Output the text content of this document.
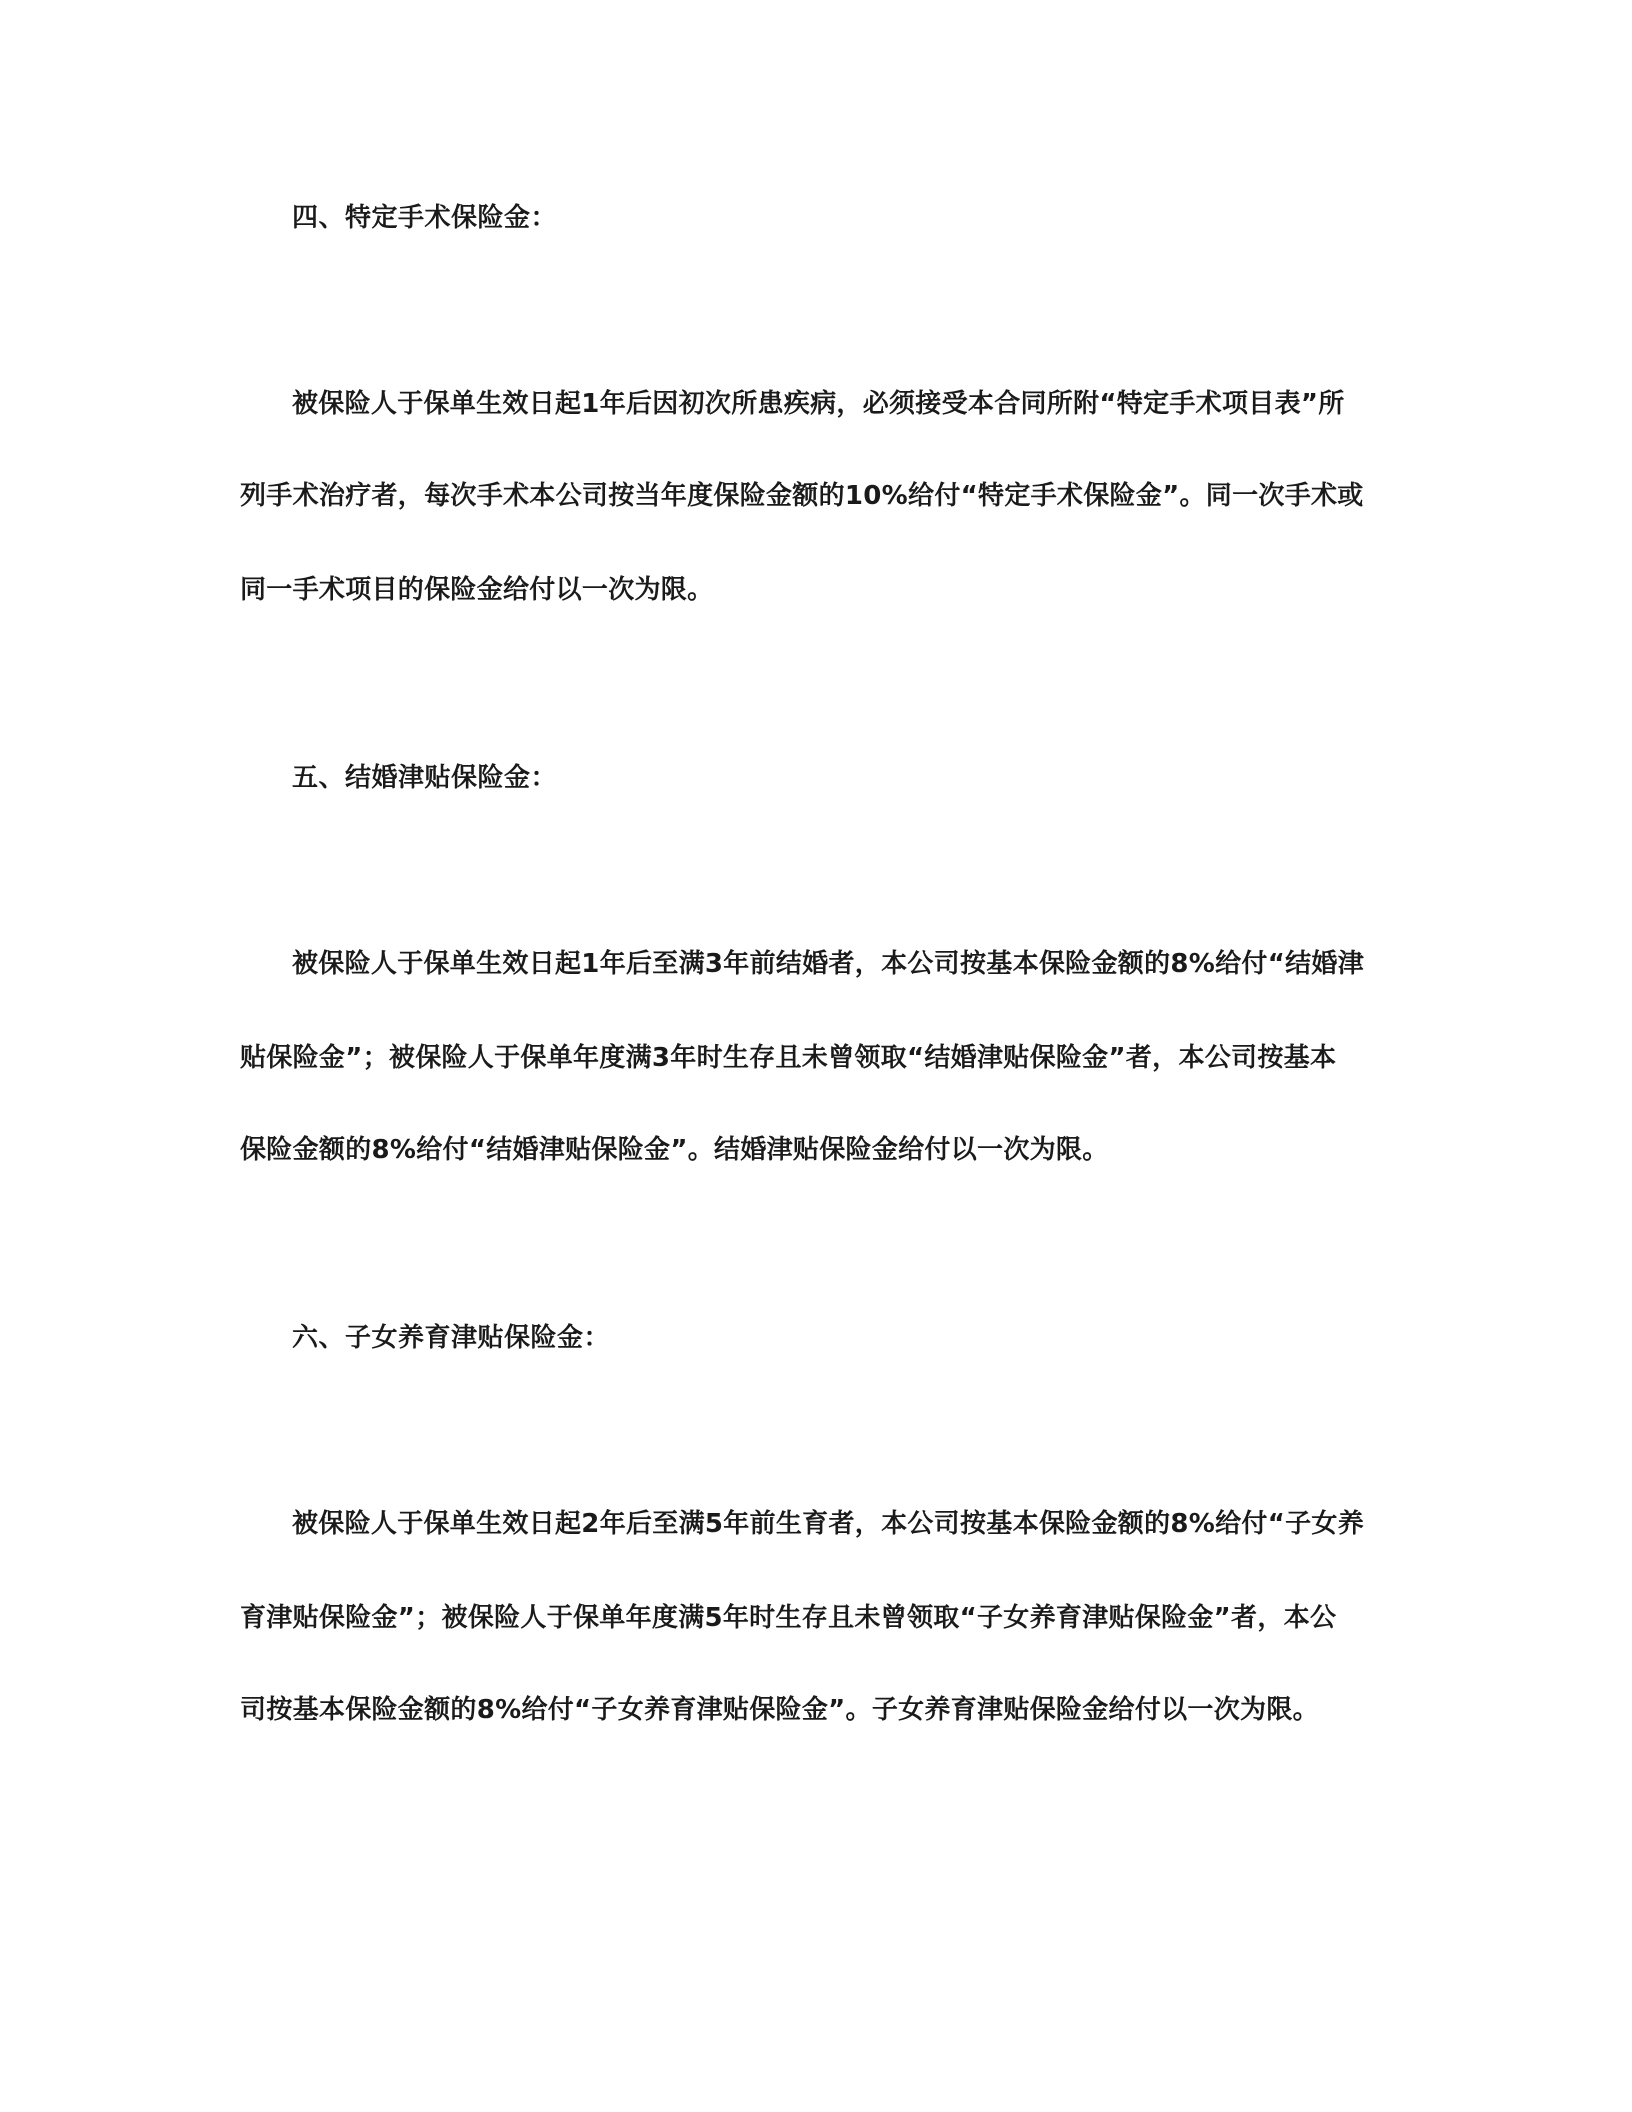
四、特定手术保险金：
被保险人于保单生效日起1年后因初次所患疾病，必须接受本合同所附“特定手术项目表”所
列手术治疗者，每次手术本公司按当年度保险金额的10%给付“特定手术保险金”。同一次手术或
同一手术项目的保险金给付以一次为限。
五、结婚津贴保险金：
被保险人于保单生效日起1年后至满3年前结婚者，本公司按基本保险金额的8%给付“结婚津
贴保险金”；被保险人于保单年度满3年时生存且未曾领取“结婚津贴保险金”者，本公司按基本
保险金额的8%给付“结婚津贴保险金”。结婚津贴保险金给付以一次为限。
六、子女养育津贴保险金：
被保险人于保单生效日起2年后至满5年前生育者，本公司按基本保险金额的8%给付“子女养
育津贴保险金”；被保险人于保单年度满5年时生存且未曾领取“子女养育津贴保险金”者，本公
司按基本保险金额的8%给付“子女养育津贴保险金”。子女养育津贴保险金给付以一次为限。
